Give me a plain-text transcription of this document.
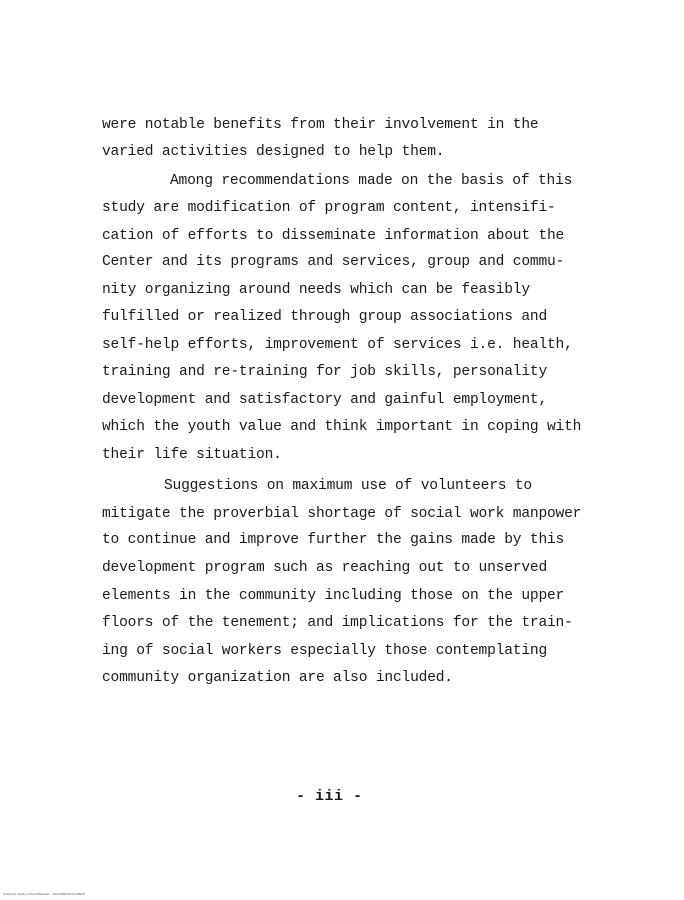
were notable benefits from their involvement in the
varied activities designed to help them.
Among recommendations made on the basis of this
study are modification of program content, intensifi-
cation of efforts to disseminate information about the
Center and its programs and services, group and commu-
nity organizing around needs which can be feasibly
fulfilled or realized through group associations and
self-help efforts, improvement of services i.e. health,
training and re-training for job skills, personality
development and satisfactory and gainful employment,
which the youth value and think important in coping with
their life situation.
Suggestions on maximum use of volunteers to
mitigate the proverbial shortage of social work manpower
to continue and improve further the gains made by this
development program such as reaching out to unserved
elements in the community including those on the upper
floors of the tenement; and implications for the train-
ing of social workers especially those contemplating
community organization are also included.
- iii -
University Library of the Philippines · DIGITIZED DOCUMENT
